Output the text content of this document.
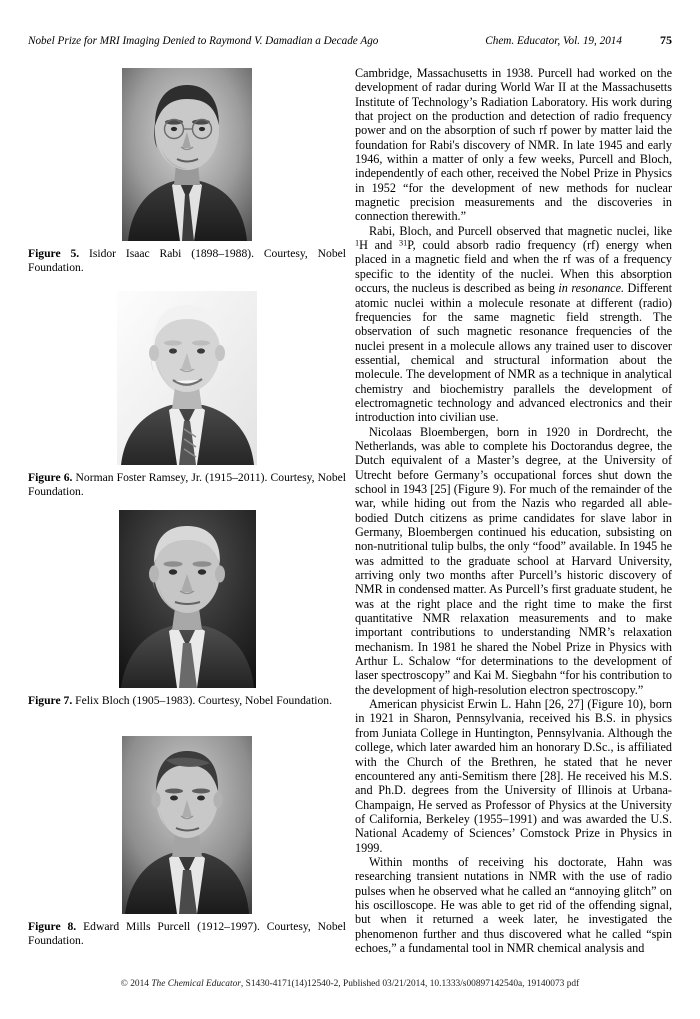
Nobel Prize for MRI Imaging Denied to Raymond V. Damadian a Decade Ago	Chem. Educator, Vol. 19, 2014	75

Figure 5. Isidor Isaac Rabi (1898–1988). Courtesy, Nobel Foundation.

Figure 6. Norman Foster Ramsey, Jr. (1915–2011). Courtesy, Nobel Foundation.

Figure 7. Felix Bloch (1905–1983). Courtesy, Nobel Foundation.

Figure 8. Edward Mills Purcell (1912–1997). Courtesy, Nobel Foundation.

Cambridge, Massachusetts in 1938. Purcell had worked on the development of radar during World War II at the Massachusetts Institute of Technology’s Radiation Laboratory. His work during that project on the production and detection of radio frequency power and on the absorption of such rf power by matter laid the foundation for Rabi's discovery of NMR. In late 1945 and early 1946, within a matter of only a few weeks, Purcell and Bloch, independently of each other, received the Nobel Prize in Physics in 1952 “for the development of new methods for nuclear magnetic precision measurements and the discoveries in connection therewith.”

Rabi, Bloch, and Purcell observed that magnetic nuclei, like $^1$H and $^{31}$P, could absorb radio frequency (rf) energy when placed in a magnetic field and when the rf was of a frequency specific to the identity of the nuclei. When this absorption occurs, the nucleus is described as being in resonance. Different atomic nuclei within a molecule resonate at different (radio) frequencies for the same magnetic field strength. The observation of such magnetic resonance frequencies of the nuclei present in a molecule allows any trained user to discover essential, chemical and structural information about the molecule. The development of NMR as a technique in analytical chemistry and biochemistry parallels the development of electromagnetic technology and advanced electronics and their introduction into civilian use.

Nicolaas Bloembergen, born in 1920 in Dordrecht, the Netherlands, was able to complete his Doctorandus degree, the Dutch equivalent of a Master’s degree, at the University of Utrecht before Germany’s occupational forces shut down the school in 1943 [25] (Figure 9). For much of the remainder of the war, while hiding out from the Nazis who regarded all able-bodied Dutch citizens as prime candidates for slave labor in Germany, Bloembergen continued his education, subsisting on non-nutritional tulip bulbs, the only “food” available. In 1945 he was admitted to the graduate school at Harvard University, arriving only two months after Purcell’s historic discovery of NMR in condensed matter. As Purcell’s first graduate student, he was at the right place and the right time to make the first quantitative NMR relaxation measurements and to make important contributions to understanding NMR’s relaxation mechanism. In 1981 he shared the Nobel Prize in Physics with Arthur L. Schalow “for determinations to the development of laser spectroscopy” and Kai M. Siegbahn “for his contribution to the development of high-resolution electron spectroscopy.”

American physicist Erwin L. Hahn [26, 27] (Figure 10), born in 1921 in Sharon, Pennsylvania, received his B.S. in physics from Juniata College in Huntington, Pennsylvania. Although the college, which later awarded him an honorary D.Sc., is affiliated with the Church of the Brethren, he stated that he never encountered any anti-Semitism there [28]. He received his M.S. and Ph.D. degrees from the University of Illinois at Urbana-Champaign, He served as Professor of Physics at the University of California, Berkeley (1955–1991) and was awarded the U.S. National Academy of Sciences’ Comstock Prize in Physics in 1999.

Within months of receiving his doctorate, Hahn was researching transient nutations in NMR with the use of radio pulses when he observed what he called an “annoying glitch” on his oscilloscope. He was able to get rid of the offending signal, but when it returned a week later, he investigated the phenomenon further and thus discovered what he called “spin echoes,” a fundamental tool in NMR chemical analysis and

© 2014 The Chemical Educator, S1430-4171(14)12540-2, Published 03/21/2014, 10.1333/s00897142540a, 19140073 pdf
